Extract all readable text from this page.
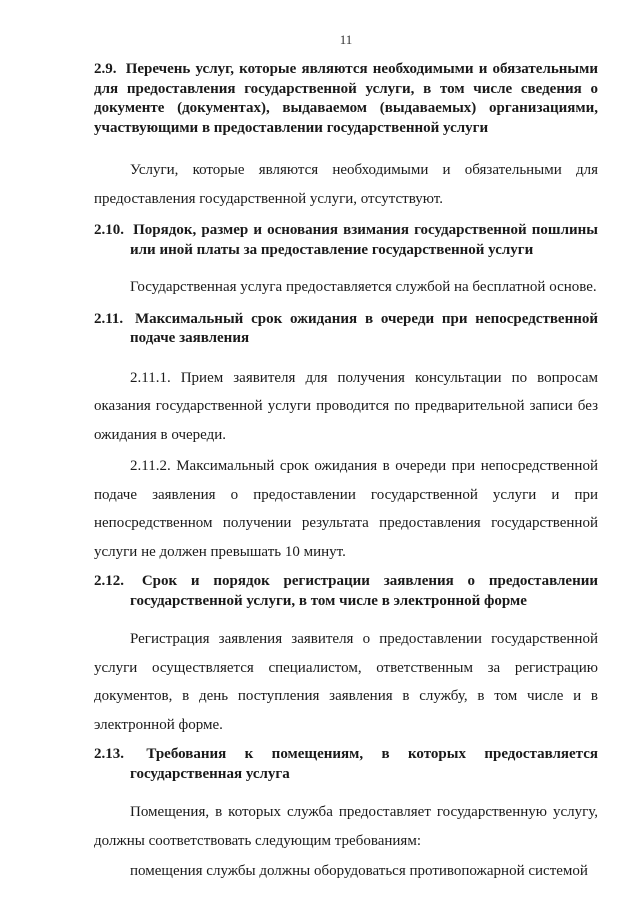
11
2.9. Перечень услуг, которые являются необходимыми и обязательными для предоставления государственной услуги, в том числе сведения о документе (документах), выдаваемом (выдаваемых) организациями, участвующими в предоставлении государственной услуги

Услуги, которые являются необходимыми и обязательными для предоставления государственной услуги, отсутствуют.

2.10. Порядок, размер и основания взимания государственной пошлины или иной платы за предоставление государственной услуги

Государственная услуга предоставляется службой на бесплатной основе.

2.11. Максимальный срок ожидания в очереди при непосредственной подаче заявления

2.11.1. Прием заявителя для получения консультации по вопросам оказания государственной услуги проводится по предварительной записи без ожидания в очереди.

2.11.2. Максимальный срок ожидания в очереди при непосредственной подаче заявления о предоставлении государственной услуги и при непосредственном получении результата предоставления государственной услуги не должен превышать 10 минут.

2.12. Срок и порядок регистрации заявления о предоставлении государственной услуги, в том числе в электронной форме

Регистрация заявления заявителя о предоставлении государственной услуги осуществляется специалистом, ответственным за регистрацию документов, в день поступления заявления в службу, в том числе и в электронной форме.

2.13. Требования к помещениям, в которых предоставляется государственная услуга

Помещения, в которых служба предоставляет государственную услугу, должны соответствовать следующим требованиям:

помещения службы должны оборудоваться противопожарной системой
